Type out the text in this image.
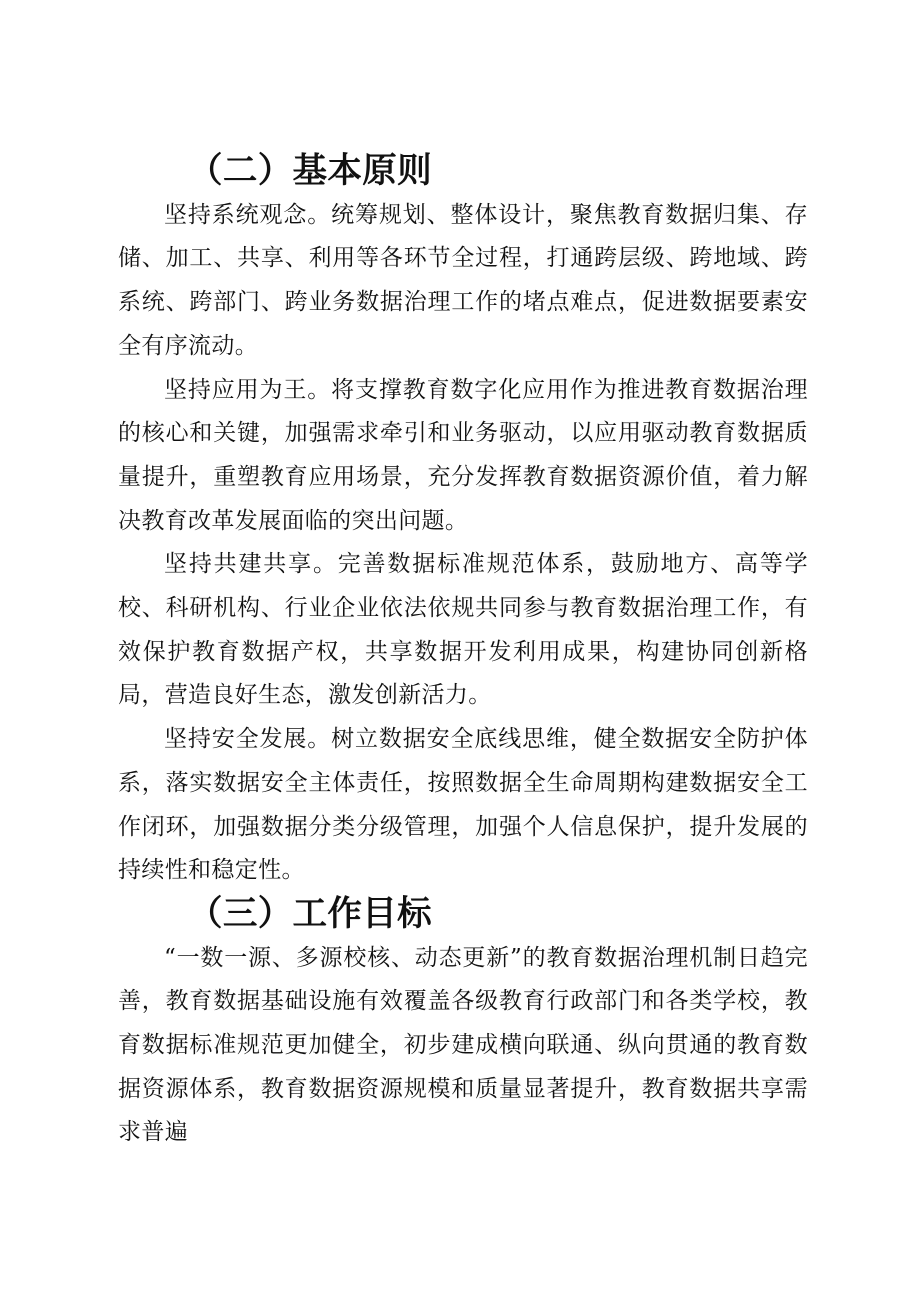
（二）基本原则

坚持系统观念。统筹规划、整体设计，聚焦教育数据归集、存储、加工、共享、利用等各环节全过程，打通跨层级、跨地域、跨系统、跨部门、跨业务数据治理工作的堵点难点，促进数据要素安全有序流动。

坚持应用为王。将支撑教育数字化应用作为推进教育数据治理的核心和关键，加强需求牵引和业务驱动，以应用驱动教育数据质量提升，重塑教育应用场景，充分发挥教育数据资源价值，着力解决教育改革发展面临的突出问题。

坚持共建共享。完善数据标准规范体系，鼓励地方、高等学校、科研机构、行业企业依法依规共同参与教育数据治理工作，有效保护教育数据产权，共享数据开发利用成果，构建协同创新格局，营造良好生态，激发创新活力。

坚持安全发展。树立数据安全底线思维，健全数据安全防护体系，落实数据安全主体责任，按照数据全生命周期构建数据安全工作闭环，加强数据分类分级管理，加强个人信息保护，提升发展的持续性和稳定性。

（三）工作目标

“一数一源、多源校核、动态更新”的教育数据治理机制日趋完善，教育数据基础设施有效覆盖各级教育行政部门和各类学校，教育数据标准规范更加健全，初步建成横向联通、纵向贯通的教育数据资源体系，教育数据资源规模和质量显著提升，教育数据共享需求普遍
